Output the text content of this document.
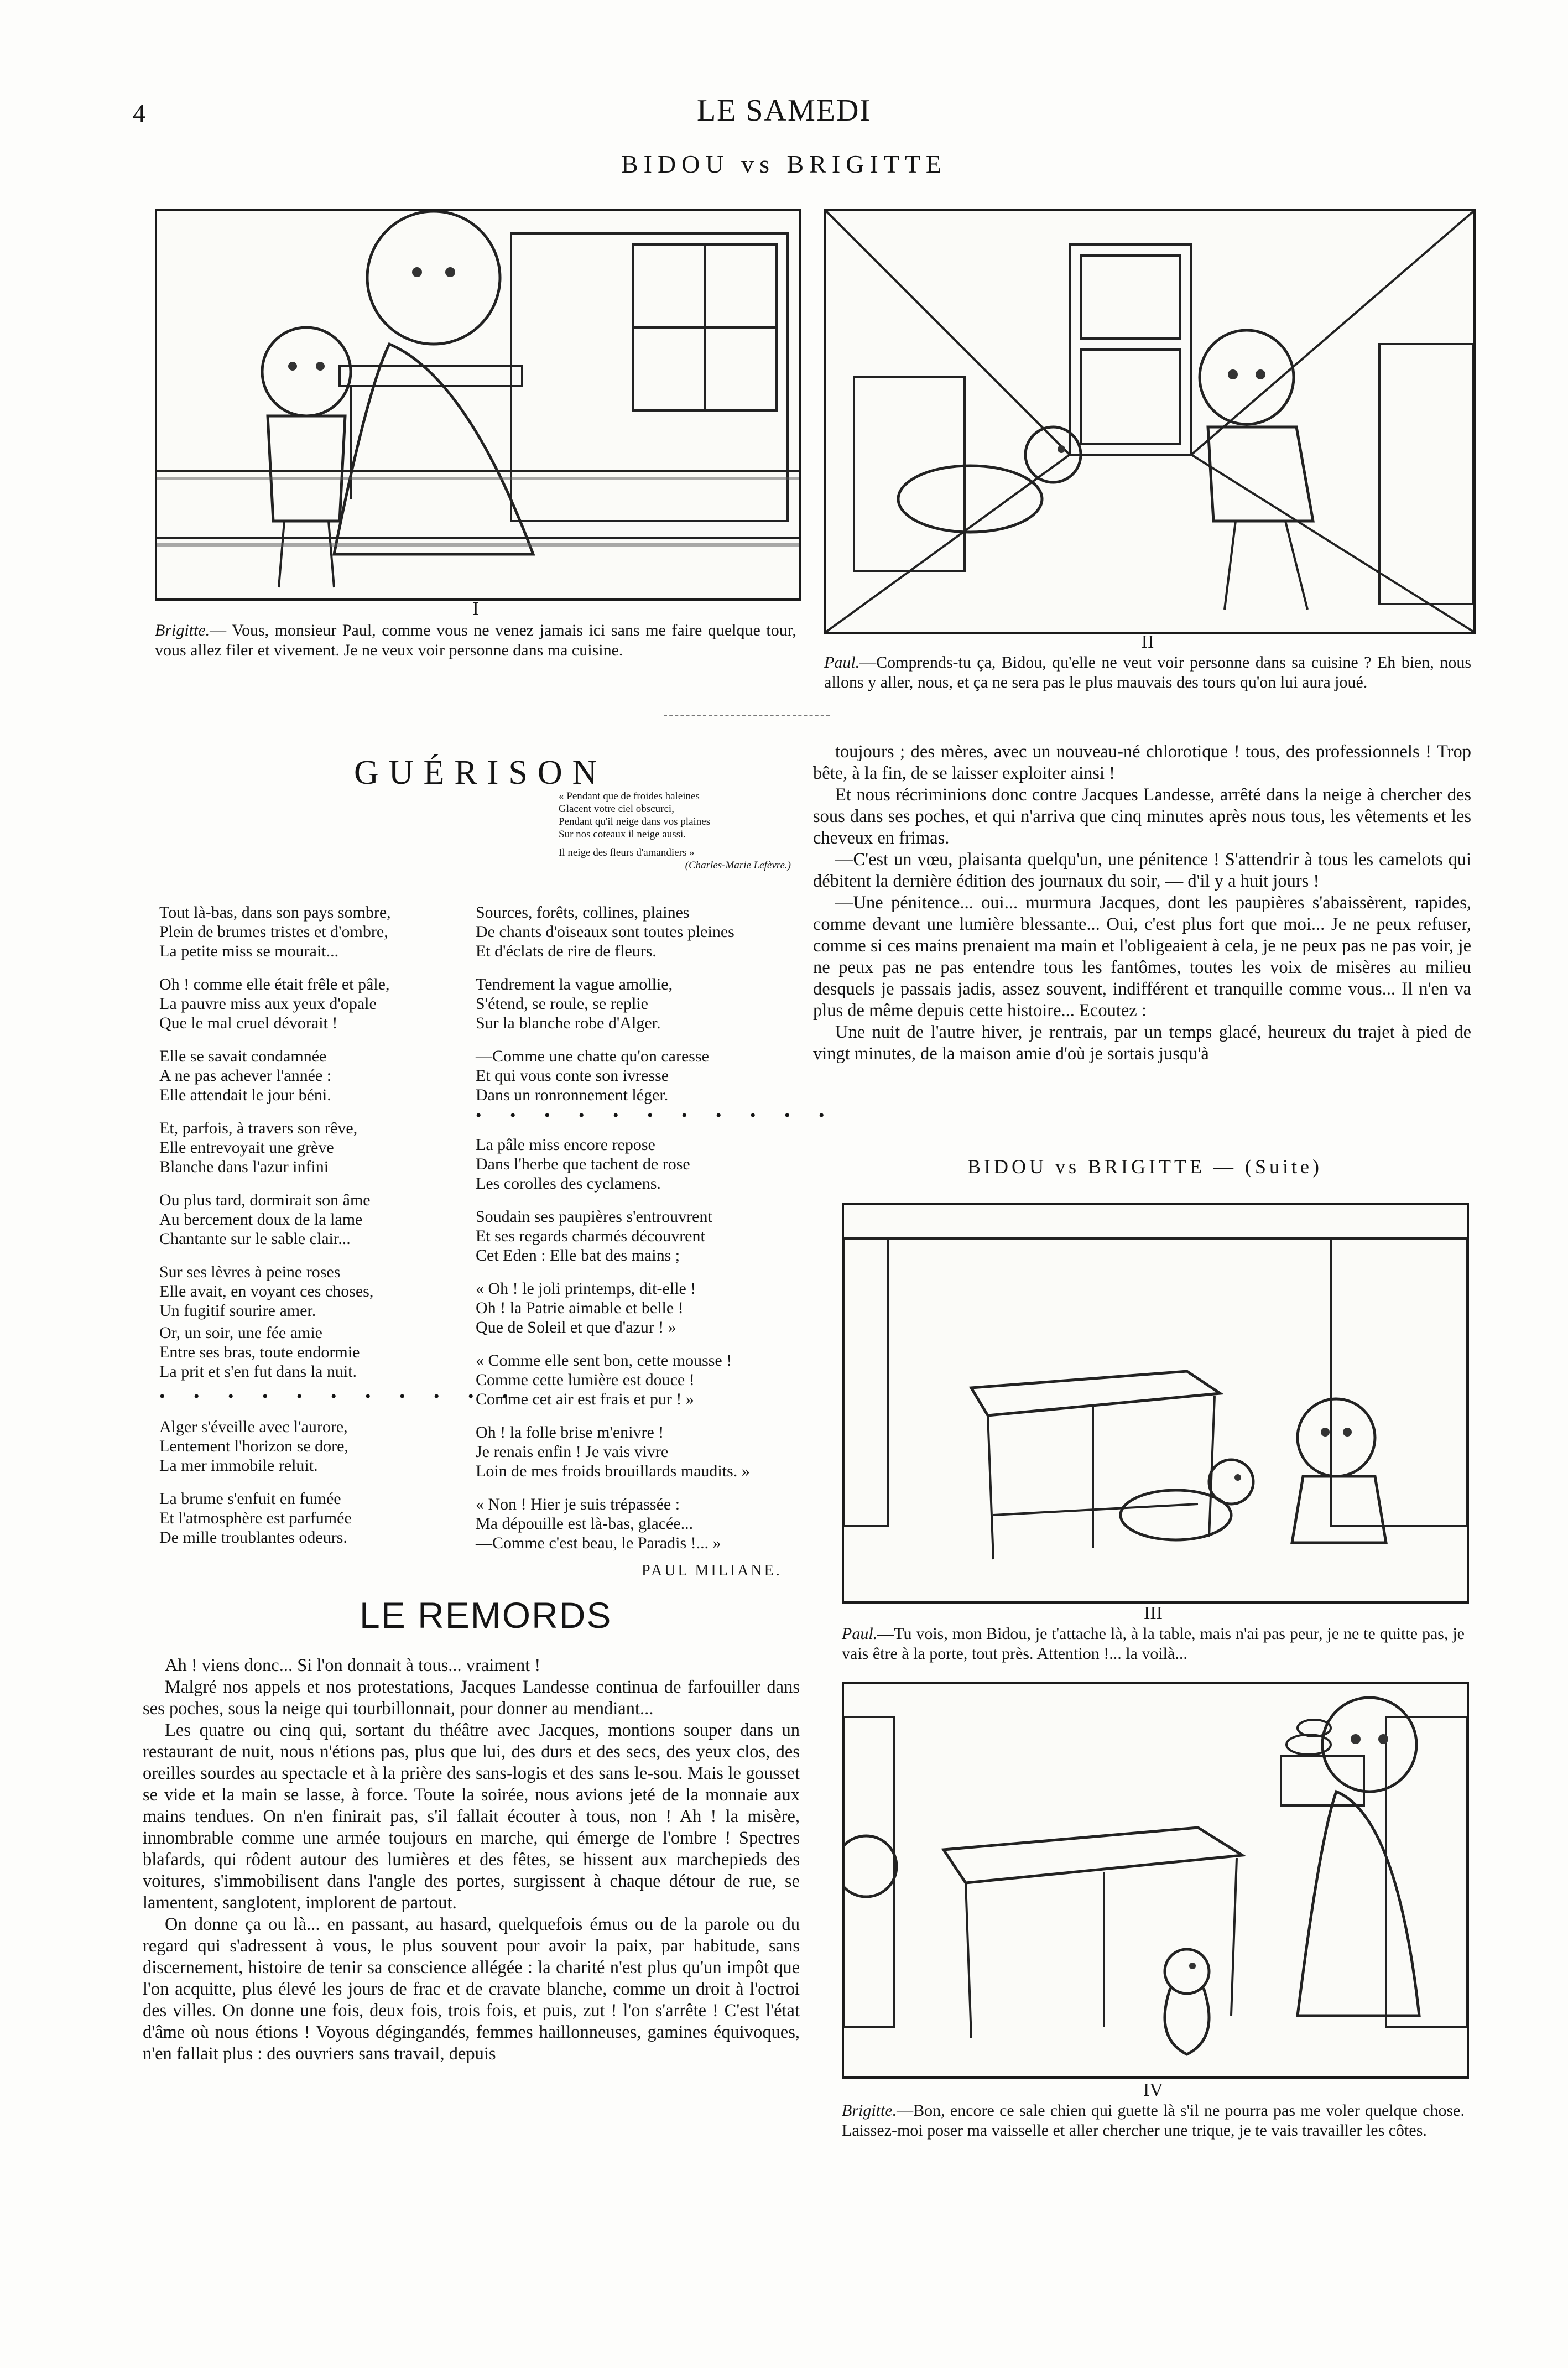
4	LE SAMEDI
BIDOU vs BRIGITTE
I
Brigitte.— Vous, monsieur Paul, comme vous ne venez jamais ici sans me faire quelque tour, vous allez filer et vivement. Je ne veux voir personne dans ma cuisine.	II
Paul.—Comprends-tu ça, Bidou, qu'elle ne veut voir personne dans sa cuisine ? Eh bien, nous allons y aller, nous, et ça ne sera pas le plus mauvais des tours qu'on lui aura joué.
GUÉRISON
« Pendant que de froides haleines
Glacent votre ciel obscurci,
Pendant qu'il neige dans vos plaines
Sur nos coteaux il neige aussi.
Il neige des fleurs d'amandiers »
(Charles-Marie Lefèvre.)
Tout là-bas, dans son pays sombre,
Plein de brumes tristes et d'ombre,
La petite miss se mourait...
Oh ! comme elle était frêle et pâle,
La pauvre miss aux yeux d'opale
Que le mal cruel dévorait !
Elle se savait condamnée
A ne pas achever l'année :
Elle attendait le jour béni.
Et, parfois, à travers son rêve,
Elle entrevoyait une grève
Blanche dans l'azur infini
Ou plus tard, dormirait son âme
Au bercement doux de la lame
Chantante sur le sable clair...
Sur ses lèvres à peine roses
Elle avait, en voyant ces choses,
Un fugitif sourire amer.
Or, un soir, une fée amie
Entre ses bras, toute endormie
La prit et s'en fut dans la nuit.
• • • • • • • • • • •
Alger s'éveille avec l'aurore,
Lentement l'horizon se dore,
La mer immobile reluit.
La brume s'enfuit en fumée
Et l'atmosphère est parfumée
De mille troublantes odeurs.
Sources, forêts, collines, plaines
De chants d'oiseaux sont toutes pleines
Et d'éclats de rire de fleurs.
Tendrement la vague amollie,
S'étend, se roule, se replie
Sur la blanche robe d'Alger.
—Comme une chatte qu'on caresse
Et qui vous conte son ivresse
Dans un ronronnement léger.
• • • • • • • • • • •
La pâle miss encore repose
Dans l'herbe que tachent de rose
Les corolles des cyclamens.
Soudain ses paupières s'entrouvrent
Et ses regards charmés découvrent
Cet Eden : Elle bat des mains ;
« Oh ! le joli printemps, dit-elle !
Oh ! la Patrie aimable et belle !
Que de Soleil et que d'azur ! »
« Comme elle sent bon, cette mousse !
Comme cette lumière est douce !
Comme cet air est frais et pur ! »
Oh ! la folle brise m'enivre !
Je renais enfin ! Je vais vivre
Loin de mes froids brouillards maudits. »
« Non ! Hier je suis trépassée :
Ma dépouille est là-bas, glacée...
—Comme c'est beau, le Paradis !... »
PAUL MILIANE.
LE REMORDS

Ah ! viens donc... Si l'on donnait à tous... vraiment !

Malgré nos appels et nos protestations, Jacques Landesse continua de farfouiller dans ses poches, sous la neige qui tourbillonnait, pour donner au mendiant...

Les quatre ou cinq qui, sortant du théâtre avec Jacques, montions souper dans un restaurant de nuit, nous n'étions pas, plus que lui, des durs et des secs, des yeux clos, des oreilles sourdes au spectacle et à la prière des sans-logis et des sans le-sou. Mais le gousset se vide et la main se lasse, à force. Toute la soirée, nous avions jeté de la monnaie aux mains tendues. On n'en finirait pas, s'il fallait écouter à tous, non ! Ah ! la misère, innombrable comme une armée toujours en marche, qui émerge de l'ombre ! Spectres blafards, qui rôdent autour des lumières et des fêtes, se hissent aux marchepieds des voitures, s'immobilisent dans l'angle des portes, surgissent à chaque détour de rue, se lamentent, sanglotent, implorent de partout.

On donne ça ou là... en passant, au hasard, quelquefois émus ou de la parole ou du regard qui s'adressent à vous, le plus souvent pour avoir la paix, par habitude, sans discernement, histoire de tenir sa conscience allégée : la charité n'est plus qu'un impôt que l'on acquitte, plus élevé les jours de frac et de cravate blanche, comme un droit à l'octroi des villes. On donne une fois, deux fois, trois fois, et puis, zut ! l'on s'arrête ! C'est l'état d'âme où nous étions ! Voyous dégingandés, femmes haillonneuses, gamines équivoques, n'en fallait plus : des ouvriers sans travail, depuis

toujours ; des mères, avec un nouveau-né chlorotique ! tous, des professionnels ! Trop bête, à la fin, de se laisser exploiter ainsi !

Et nous récriminions donc contre Jacques Landesse, arrêté dans la neige à chercher des sous dans ses poches, et qui n'arriva que cinq minutes après nous tous, les vêtements et les cheveux en frimas.

—C'est un vœu, plaisanta quelqu'un, une pénitence ! S'attendrir à tous les camelots qui débitent la dernière édition des journaux du soir, — d'il y a huit jours !

—Une pénitence... oui... murmura Jacques, dont les paupières s'abaissèrent, rapides, comme devant une lumière blessante... Oui, c'est plus fort que moi... Je ne peux refuser, comme si ces mains prenaient ma main et l'obligeaient à cela, je ne peux pas ne pas voir, je ne peux pas ne pas entendre tous les fantômes, toutes les voix de misères au milieu desquels je passais jadis, assez souvent, indifférent et tranquille comme vous... Il n'en va plus de même depuis cette histoire... Ecoutez :

Une nuit de l'autre hiver, je rentrais, par un temps glacé, heureux du trajet à pied de vingt minutes, de la maison amie d'où je sortais jusqu'à

BIDOU vs BRIGITTE — (Suite)
III
Paul.—Tu vois, mon Bidou, je t'attache là, à la table, mais n'ai pas peur, je ne te quitte pas, je vais être à la porte, tout près. Attention !... la voilà...
IV
Brigitte.—Bon, encore ce sale chien qui guette là s'il ne pourra pas me voler quelque chose. Laissez-moi poser ma vaisselle et aller chercher une trique, je te vais travailler les côtes.
